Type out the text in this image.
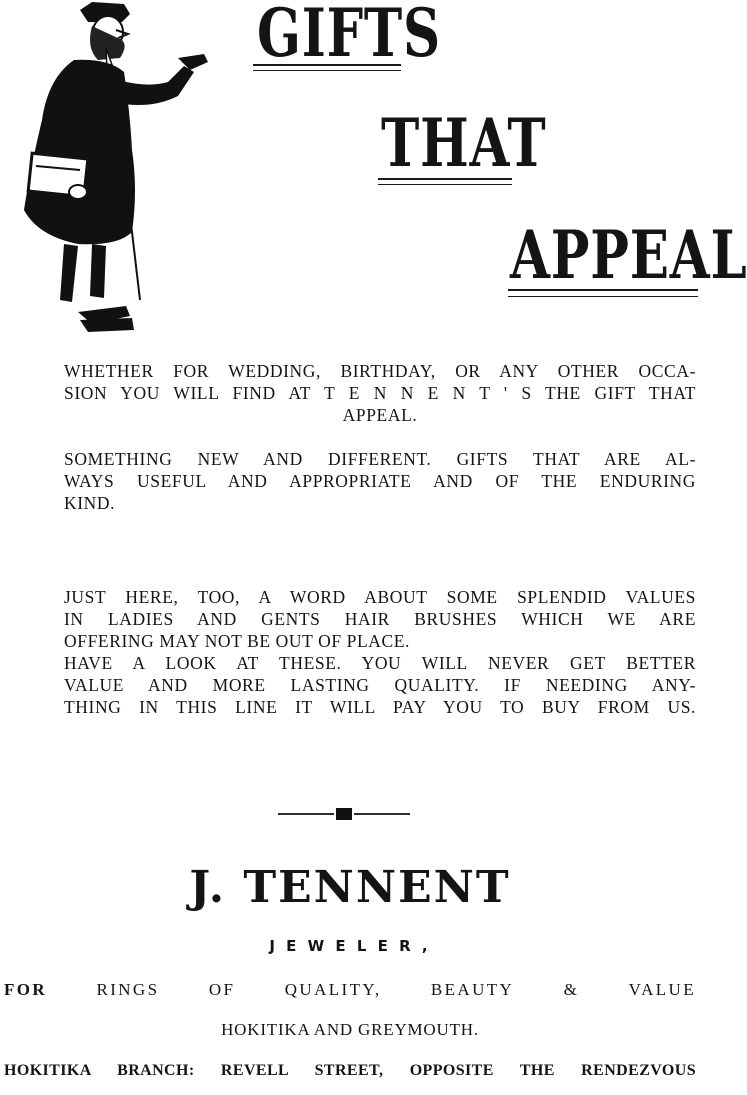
GIFTS
THAT
APPEAL
WHETHER FOR WEDDING, BIRTHDAY, OR ANY OTHER OCCA-
SION YOU WILL FIND AT T E N N E N T ' S THE GIFT THAT
APPEAL.
SOMETHING NEW AND DIFFERENT. GIFTS THAT ARE AL-
WAYS USEFUL AND APPROPRIATE AND OF THE ENDURING
KIND.
JUST HERE, TOO, A WORD ABOUT SOME SPLENDID VALUES
IN LADIES AND GENTS HAIR BRUSHES WHICH WE ARE
OFFERING MAY NOT BE OUT OF PLACE.
HAVE A LOOK AT THESE. YOU WILL NEVER GET BETTER
VALUE AND MORE LASTING QUALITY. IF NEEDING ANY-
THING IN THIS LINE IT WILL PAY YOU TO BUY FROM US.
J. TENNENT
J E W E L E R ,
FOR	RINGS	OF	QUALITY,	BEAUTY	&	VALUE
HOKITIKA AND GREYMOUTH.
HOKITIKA BRANCH: REVELL STREET, OPPOSITE THE RENDEZVOUS
